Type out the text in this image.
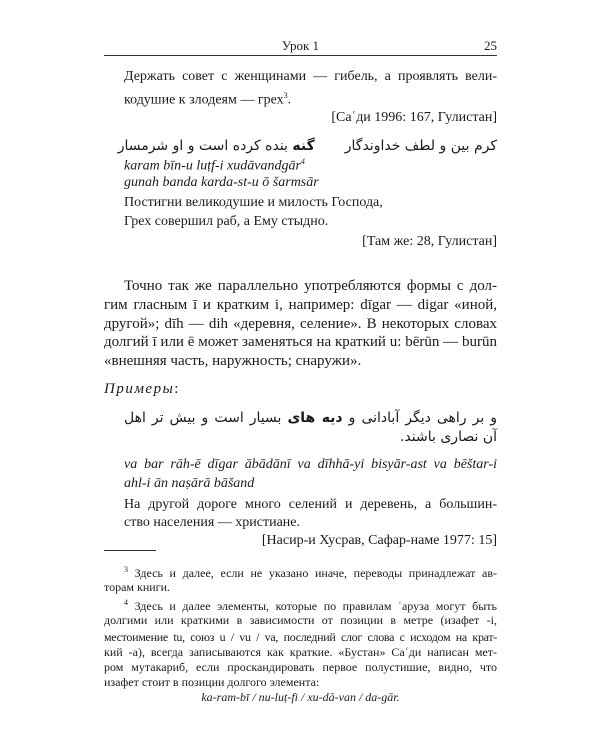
Урок 1	25
Держать совет с женщинами — гибель, а проявлять вели-
кодушие к злодеям — грех$^3$.
[Саʿди 1996: 167, Гулистан]
کرم بین و لطف خداوندگارگنه بنده کرده است و او شرمسار
karam bīn-u luṭf-i xudāvandgār$^4$
gunah banda karda-st-u ō šarmsār
Постигни великодушие и милость Господа,
Грех совершил раб, а Ему стыдно.
[Там же: 28, Гулистан]
Точно так же параллельно употребляются формы с дол-
гим гласным ī и кратким i, например: dīgar — digar «иной,
другой»; dīh — dih «деревня, селение». В некоторых словах
долгий ī или ē может заменяться на краткий u: bērūn — burūn
«внешняя часть, наружность; снаружи».
Примеры:
و بر راهی دیگر آبادانی و دیه های بسیار است و بیش تر اهل
آن نصاری باشند.
va bar rāh-ē dīgar ābādānī va dīhhā-yi bisyār-ast va bēštar-i
ahl-i ān naṣārā bāšand
На другой дороге много селений и деревень, а большин-
ство населения — христиане.
[Насир-и Хусрав, Сафар-наме 1977: 15]
$^3$ Здесь и далее, если не указано иначе, переводы принадлежат ав-
торам книги.
$^4$ Здесь и далее элементы, которые по правилам ʿаруза могут быть
долгими или краткими в зависимости от позиции в метре (изафет -i,
местоимение tu, союз u / vu / va, последний слог слова с исходом на крат-
кий -a), всегда записываются как краткие. «Бустан» Саʿди написан мет-
ром мутакариб, если проскандировать первое полустишие, видно, что
изафет стоит в позиции долгого элемента:
ka-ram-bī / nu-luṭ-fi / xu-dā-van / da-gār.
